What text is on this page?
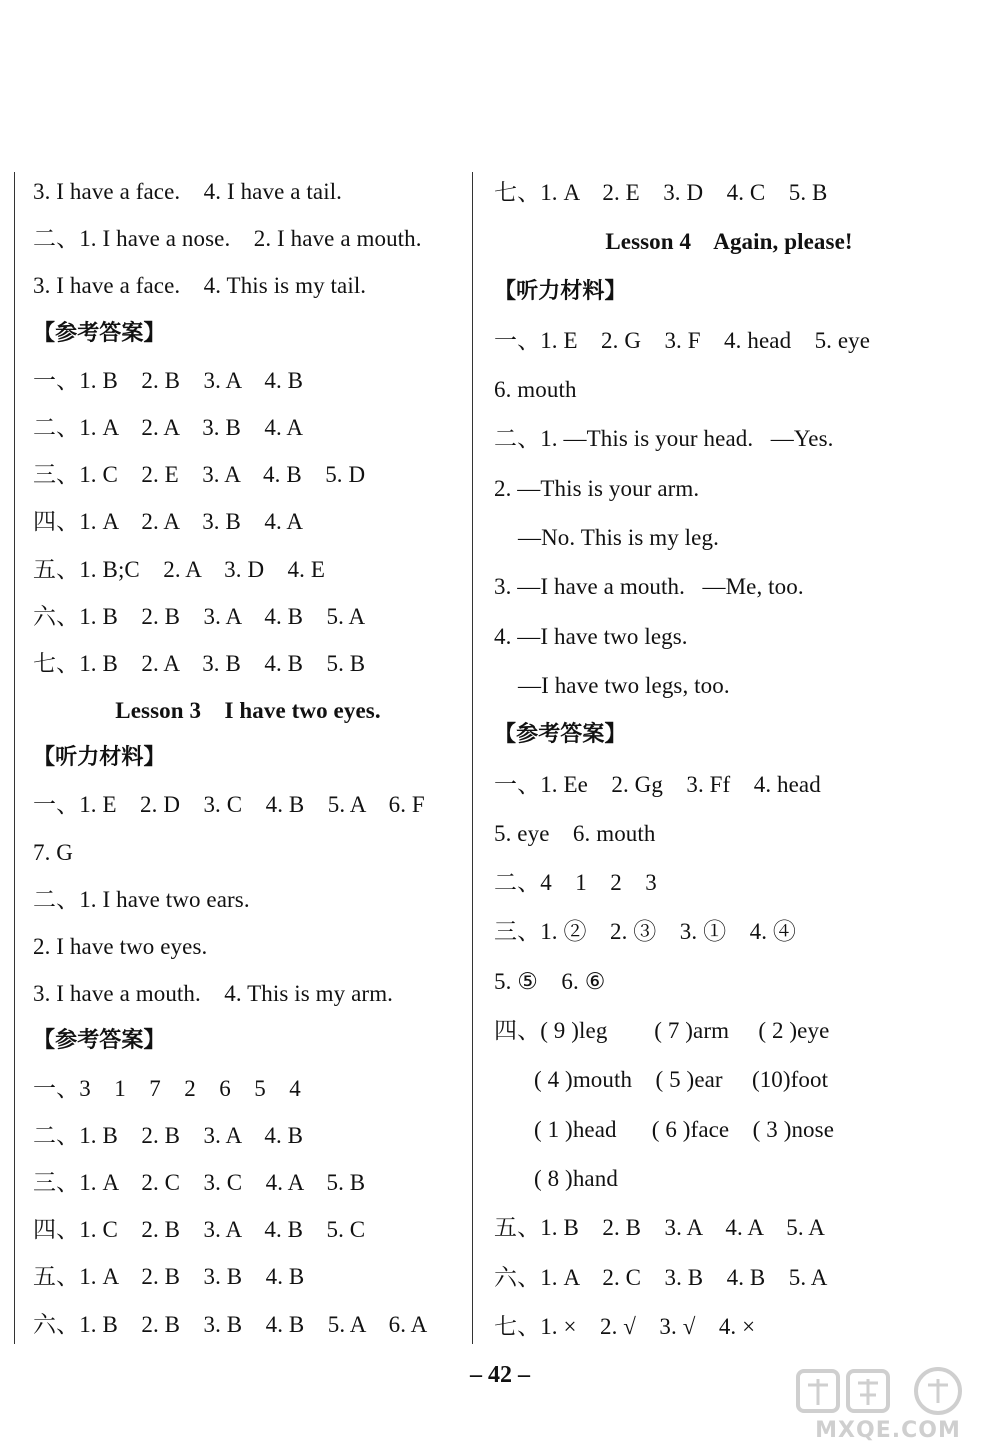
3. I have a face.    4. I have a tail.
二、1. I have a nose.    2. I have a mouth.
3. I have a face.    4. This is my tail.
【参考答案】
一、1. B    2. B    3. A    4. B
二、1. A    2. A    3. B    4. A
三、1. C    2. E    3. A    4. B    5. D
四、1. A    2. A    3. B    4. A
五、1. B;C    2. A    3. D    4. E
六、1. B    2. B    3. A    4. B    5. A
七、1. B    2. A    3. B    4. B    5. B
Lesson 3    I have two eyes.
【听力材料】
一、1. E    2. D    3. C    4. B    5. A    6. F
7. G
二、1. I have two ears.
2. I have two eyes.
3. I have a mouth.    4. This is my arm.
【参考答案】
一、3    1    7    2    6    5    4
二、1. B    2. B    3. A    4. B
三、1. A    2. C    3. C    4. A    5. B
四、1. C    2. B    3. A    4. B    5. C
五、1. A    2. B    3. B    4. B
六、1. B    2. B    3. B    4. B    5. A    6. A
七、1. A    2. E    3. D    4. C    5. B
Lesson 4    Again, please!
【听力材料】
一、1. E    2. G    3. F    4. head    5. eye
6. mouth
二、1. —This is your head.   —Yes.
2. —This is your arm.
—No. This is my leg.
3. —I have a mouth.   —Me, too.
4. —I have two legs.
—I have two legs, too.
【参考答案】
一、1. Ee    2. Gg    3. Ff    4. head
5. eye    6. mouth
二、4    1    2    3
三、1. ②    2. ③    3. ①    4. ④
5. ⑤    6. ⑥
四、( 9 )leg        ( 7 )arm     ( 2 )eye
( 4 )mouth    ( 5 )ear     (10)foot
( 1 )head      ( 6 )face    ( 3 )nose
( 8 )hand
五、1. B    2. B    3. A    4. A    5. A
六、1. A    2. C    3. B    4. B    5. A
七、1. ×    2. √    3. √    4. ×
– 42 –
MXQE.COM
